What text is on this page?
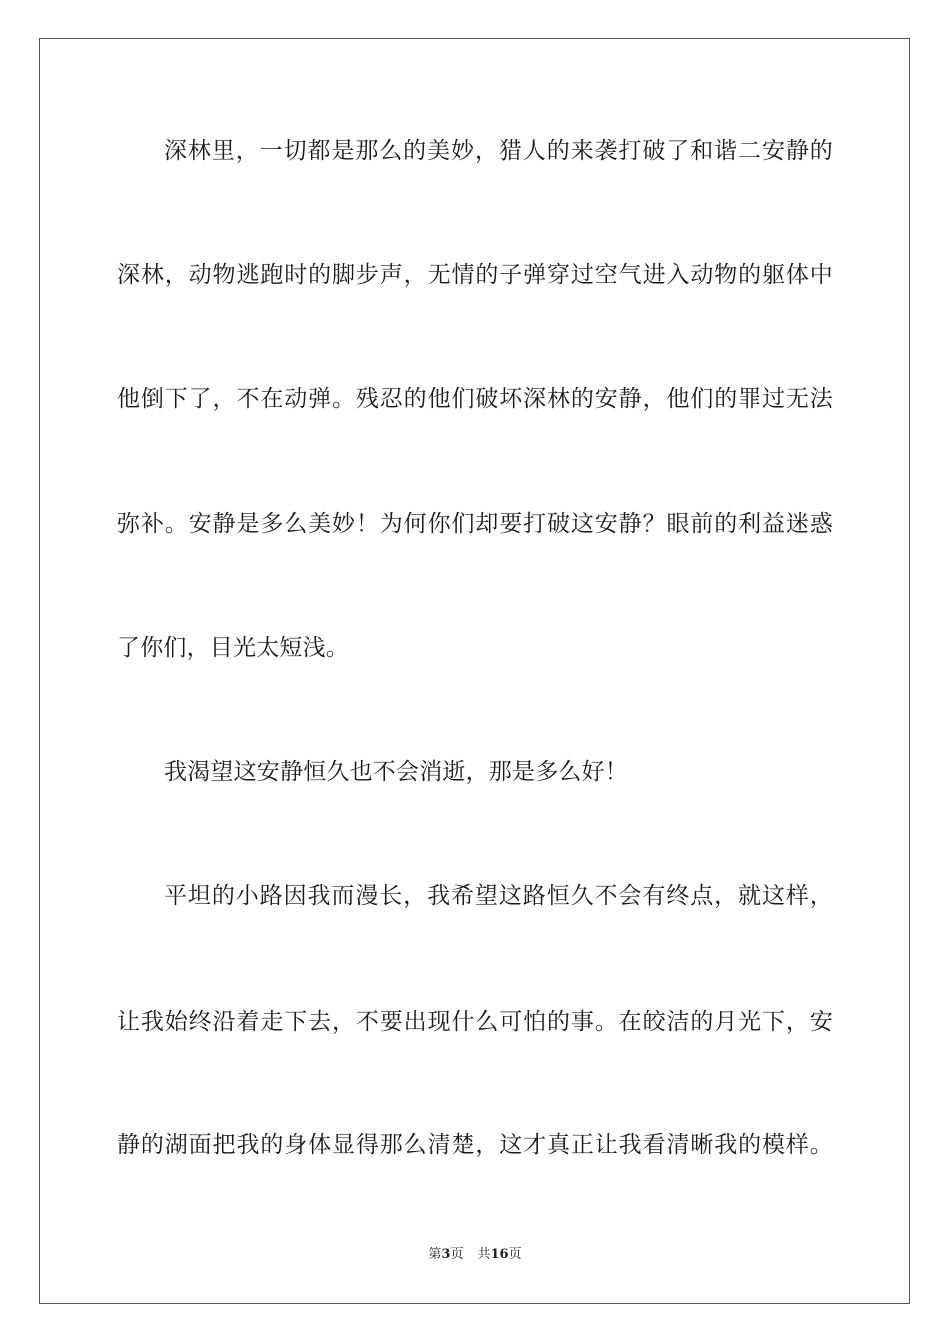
深林里，一切都是那么的美妙，猎人的来袭打破了和谐二安静的
深林，动物逃跑时的脚步声，无情的子弹穿过空气进入动物的躯体中
他倒下了，不在动弹。残忍的他们破坏深林的安静，他们的罪过无法
弥补。安静是多么美妙！为何你们却要打破这安静？眼前的利益迷惑
了你们，目光太短浅。
我渴望这安静恒久也不会消逝，那是多么好！
平坦的小路因我而漫长，我希望这路恒久不会有终点，就这样，
让我始终沿着走下去，不要出现什么可怕的事。在皎洁的月光下，安
静的湖面把我的身体显得那么清楚，这才真正让我看清晰我的模样。
第3页 共16页
